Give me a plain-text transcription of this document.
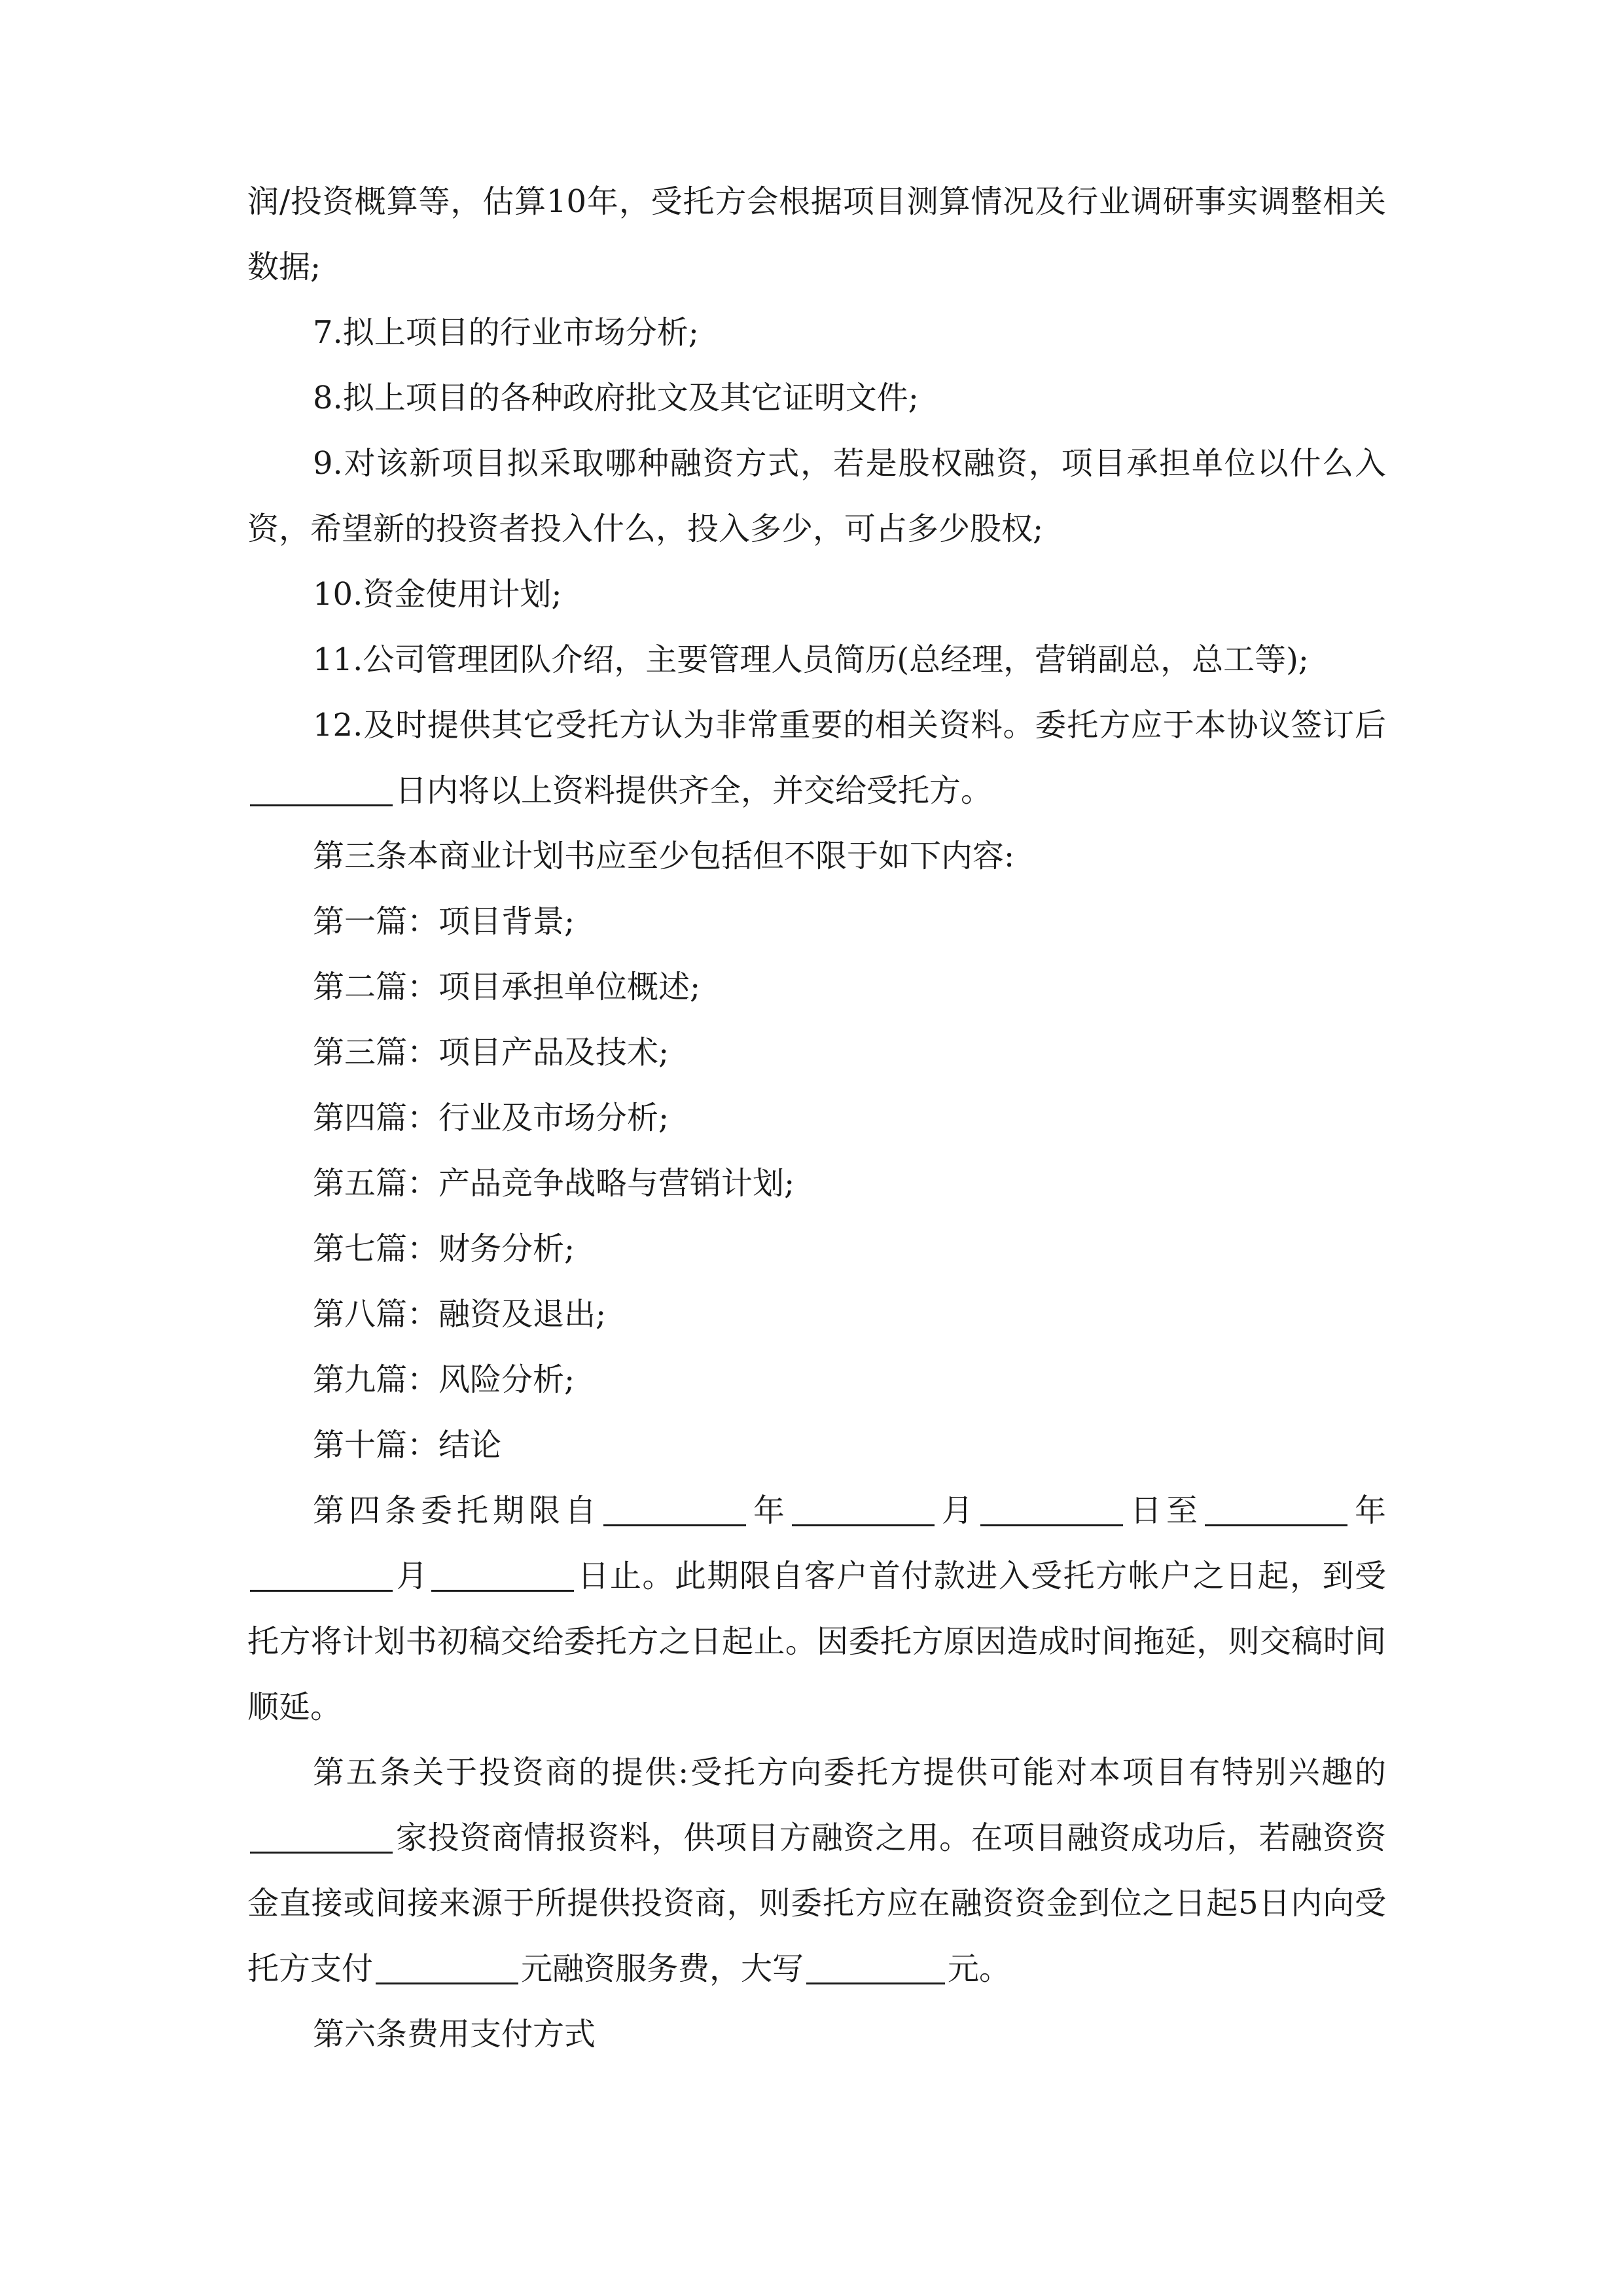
润/投资概算等，估算10年，受托方会根据项目测算情况及行业调研事实调整相关数据;

7.拟上项目的行业市场分析;

8.拟上项目的各种政府批文及其它证明文件;

9.对该新项目拟采取哪种融资方式，若是股权融资，项目承担单位以什么入资，希望新的投资者投入什么，投入多少，可占多少股权;

10.资金使用计划;

11.公司管理团队介绍，主要管理人员简历(总经理，营销副总，总工等);

12.及时提供其它受托方认为非常重要的相关资料。委托方应于本协议签订后日内将以上资料提供齐全，并交给受托方。

第三条本商业计划书应至少包括但不限于如下内容:

第一篇：项目背景;

第二篇：项目承担单位概述;

第三篇：项目产品及技术;

第四篇：行业及市场分析;

第五篇：产品竞争战略与营销计划;

第七篇：财务分析;

第八篇：融资及退出;

第九篇：风险分析;

第十篇：结论

第四条委托期限自	年	月	日至	年月	日止。此期限自客户首付款进入受托方帐户之日起，到受托方将计划书初稿交给委托方之日起止。因委托方原因造成时间拖延，则交稿时间顺延。

第五条关于投资商的提供:受托方向委托方提供可能对本项目有特别兴趣的家投资商情报资料，供项目方融资之用。在项目融资成功后，若融资资金直接或间接来源于所提供投资商，则委托方应在融资资金到位之日起5日内向受托方支付	元融资服务费，大写	元。

第六条费用支付方式
